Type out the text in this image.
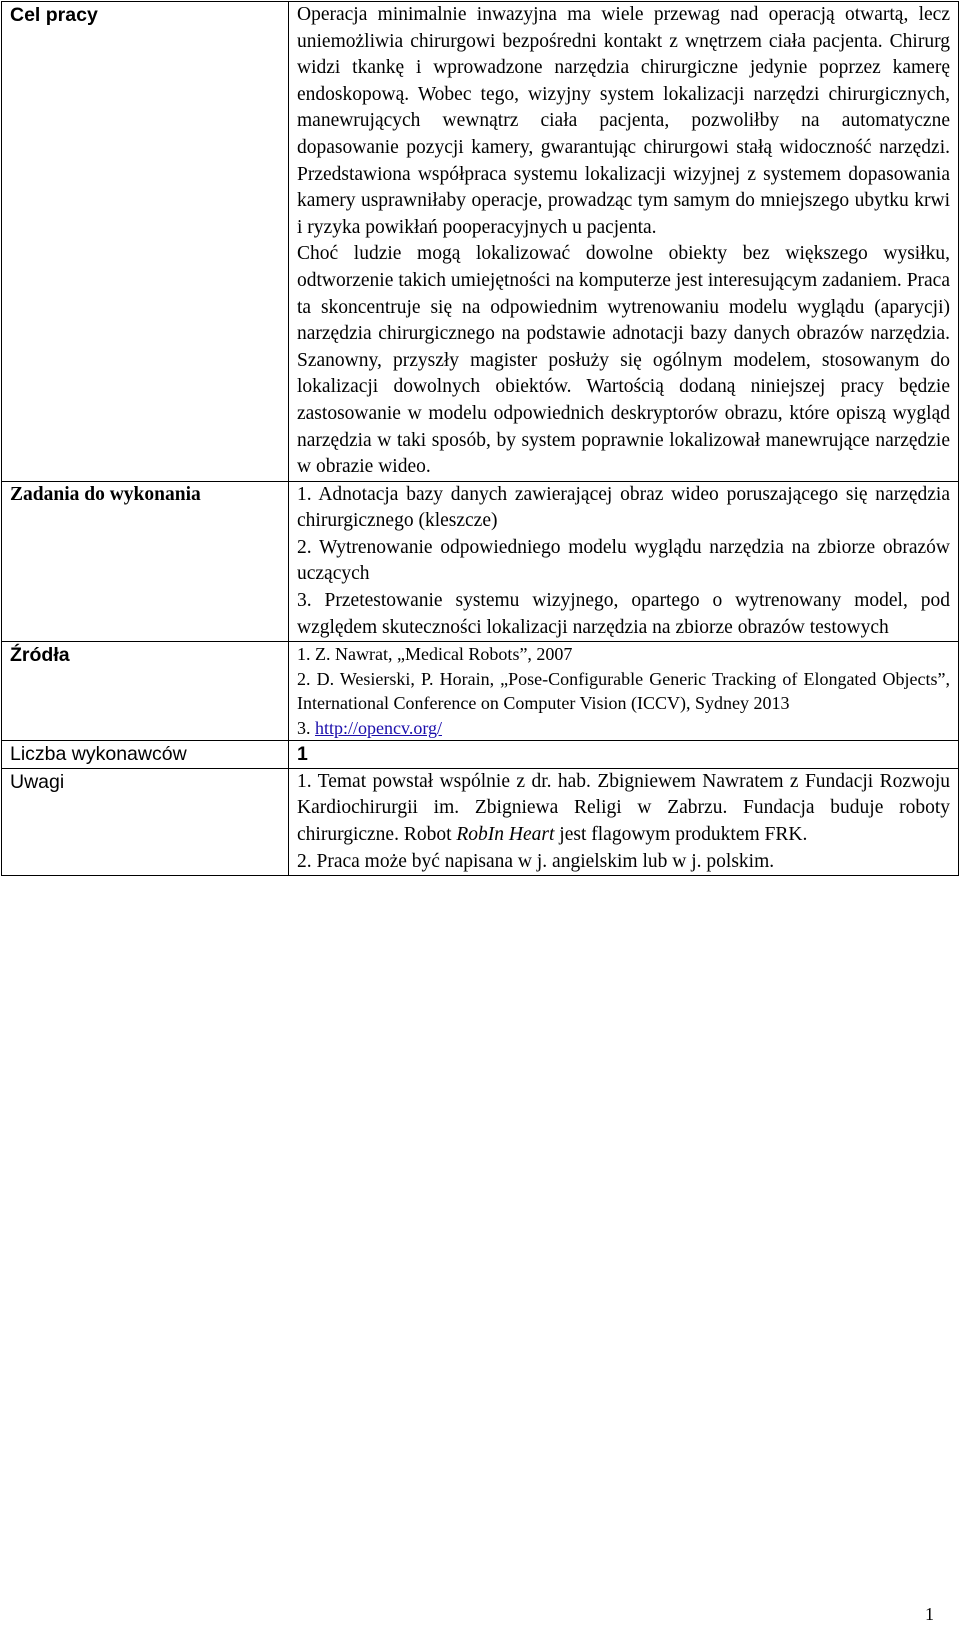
Cel pracy	Operacja minimalnie inwazyjna ma wiele przewag nad operacją otwartą, lecz uniemożliwia chirurgowi bezpośredni kontakt z wnętrzem ciała pacjenta. Chirurg widzi tkankę i wprowadzone narzędzia chirurgiczne jedynie poprzez kamerę endoskopową. Wobec tego, wizyjny system lokalizacji narzędzi chirurgicznych, manewrujących wewnątrz ciała pacjenta, pozwoliłby na automatyczne dopasowanie pozycji kamery, gwarantując chirurgowi stałą widoczność narzędzi. Przedstawiona współpraca systemu lokalizacji wizyjnej z systemem dopasowania kamery usprawniłaby operacje, prowadząc tym samym do mniejszego ubytku krwi i ryzyka powikłań pooperacyjnych u pacjenta.

Choć ludzie mogą lokalizować dowolne obiekty bez większego wysiłku, odtworzenie takich umiejętności na komputerze jest interesującym zadaniem. Praca ta skoncentruje się na odpowiednim wytrenowaniu modelu wyglądu (aparycji) narzędzia chirurgicznego na podstawie adnotacji bazy danych obrazów narzędzia. Szanowny, przyszły magister posłuży się ogólnym modelem, stosowanym do lokalizacji dowolnych obiektów. Wartością dodaną niniejszej pracy będzie zastosowanie w modelu odpowiednich deskryptorów obrazu, które opiszą wygląd narzędzia w taki sposób, by system poprawnie lokalizował manewrujące narzędzie w obrazie wideo.

Zadania do wykonania	1. Adnotacja bazy danych zawierającej obraz wideo poruszającego się narzędzia chirurgicznego (kleszcze)

2. Wytrenowanie odpowiedniego modelu wyglądu narzędzia na zbiorze obrazów uczących

3. Przetestowanie systemu wizyjnego, opartego o wytrenowany model, pod względem skuteczności lokalizacji narzędzia na zbiorze obrazów testowych

Źródła	1. Z. Nawrat, „Medical Robots”, 2007

2. D. Wesierski, P. Horain, „Pose-Configurable Generic Tracking of Elongated Objects”, International Conference on Computer Vision (ICCV), Sydney 2013

3. http://opencv.org/

Liczba wykonawców	1
Uwagi	1. Temat powstał wspólnie z dr. hab. Zbigniewem Nawratem z Fundacji Rozwoju Kardiochirurgii im. Zbigniewa Religi w Zabrzu. Fundacja buduje roboty chirurgiczne. Robot RobIn Heart jest flagowym produktem FRK.

2. Praca może być napisana w j. angielskim lub w j. polskim.

1
